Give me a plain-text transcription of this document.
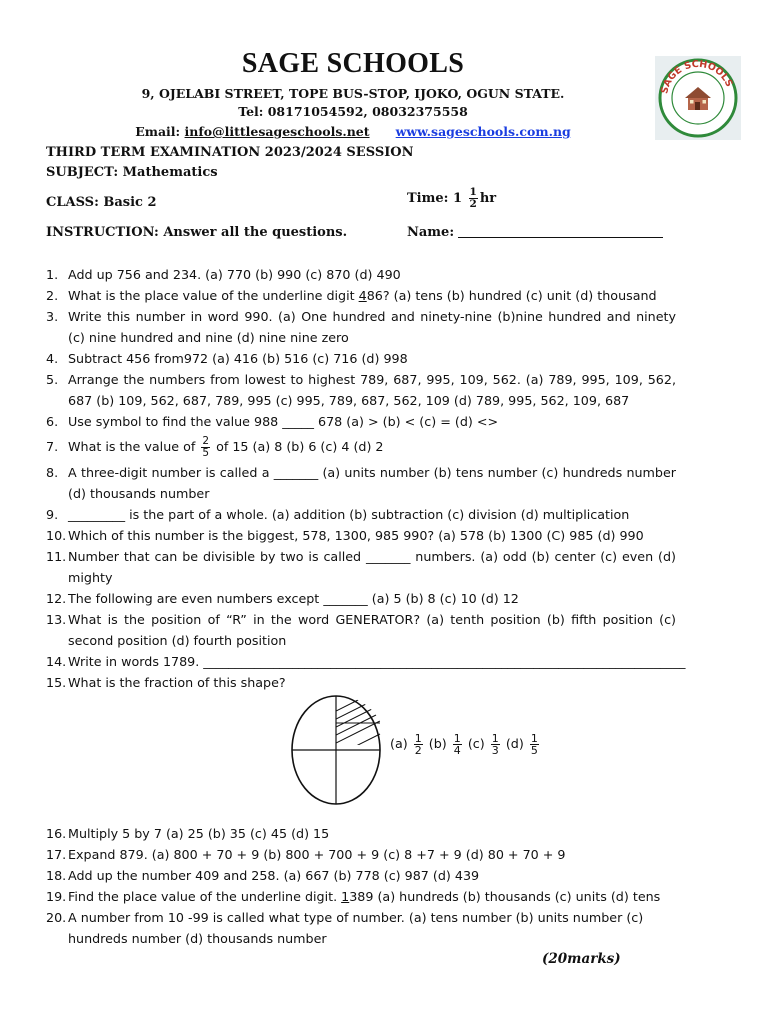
SAGE SCHOOLS
9, OJELABI STREET, TOPE BUS-STOP, IJOKO, OGUN STATE.
Tel: 08171054592, 08032375558
Email: info@littlesageschools.net www.sageschools.com.ng
SAGE SCHOOLS
THIRD TERM EXAMINATION 2023/2024 SESSION
SUBJECT: Mathematics
CLASS: Basic 2	Time: $1 \frac{1}{2}$ hr
INSTRUCTION: Answer all the questions.	Name:
1. Add up 756 and 234. (a) 770 (b) 990 (c) 870 (d) 490
2. What is the place value of the underline digit 486? (a) tens (b) hundred (c) unit (d) thousand
3. Write this number in word 990. (a) One hundred and ninety-nine (b)nine hundred and ninety (c) nine hundred and nine (d) nine nine zero
4. Subtract 456 from972 (a) 416 (b) 516 (c) 716 (d) 998
5. Arrange the numbers from lowest to highest 789, 687, 995, 109, 562. (a) 789, 995, 109, 562, 687 (b) 109, 562, 687, 789, 995 (c) 995, 789, 687, 562, 109 (d) 789, 995, 562, 109, 687
6. Use symbol to find the value 988 _____ 678 (a) > (b) < (c) = (d) <>
7. What is the value of $\frac{2}{5}$ of 15 (a) 8 (b) 6 (c) 4 (d) 2
8. A three-digit number is called a _______ (a) units number (b) tens number (c) hundreds number (d) thousands number
9. _________ is the part of a whole. (a) addition (b) subtraction (c) division (d) multiplication
10. Which of this number is the biggest, 578, 1300, 985 990? (a) 578 (b) 1300 (C) 985 (d) 990
11. Number that can be divisible by two is called _______ numbers. (a) odd (b) center (c) even (d) mighty
12. The following are even numbers except _______ (a) 5 (b) 8 (c) 10 (d) 12
13. What is the position of “R” in the word GENERATOR? (a) tenth position (b) fifth position (c) second position (d) fourth position
14. Write in words 1789. ____________________________________________________________________________
15. What is the fraction of this shape?
$(a) \frac{1}{2} (b) \frac{1}{4} (c) \frac{1}{3} (d) \frac{1}{5}$
16. Multiply 5 by 7 (a) 25 (b) 35 (c) 45 (d) 15
17. Expand 879. (a) 800 + 70 + 9 (b) 800 + 700 + 9 (c) 8 +7 + 9 (d) 80 + 70 + 9
18. Add up the number 409 and 258. (a) 667 (b) 778 (c) 987 (d) 439
19. Find the place value of the underline digit. 1389 (a) hundreds (b) thousands (c) units (d) tens
20. A number from 10 -99 is called what type of number. (a) tens number (b) units number (c) hundreds number (d) thousands number
(20marks)
